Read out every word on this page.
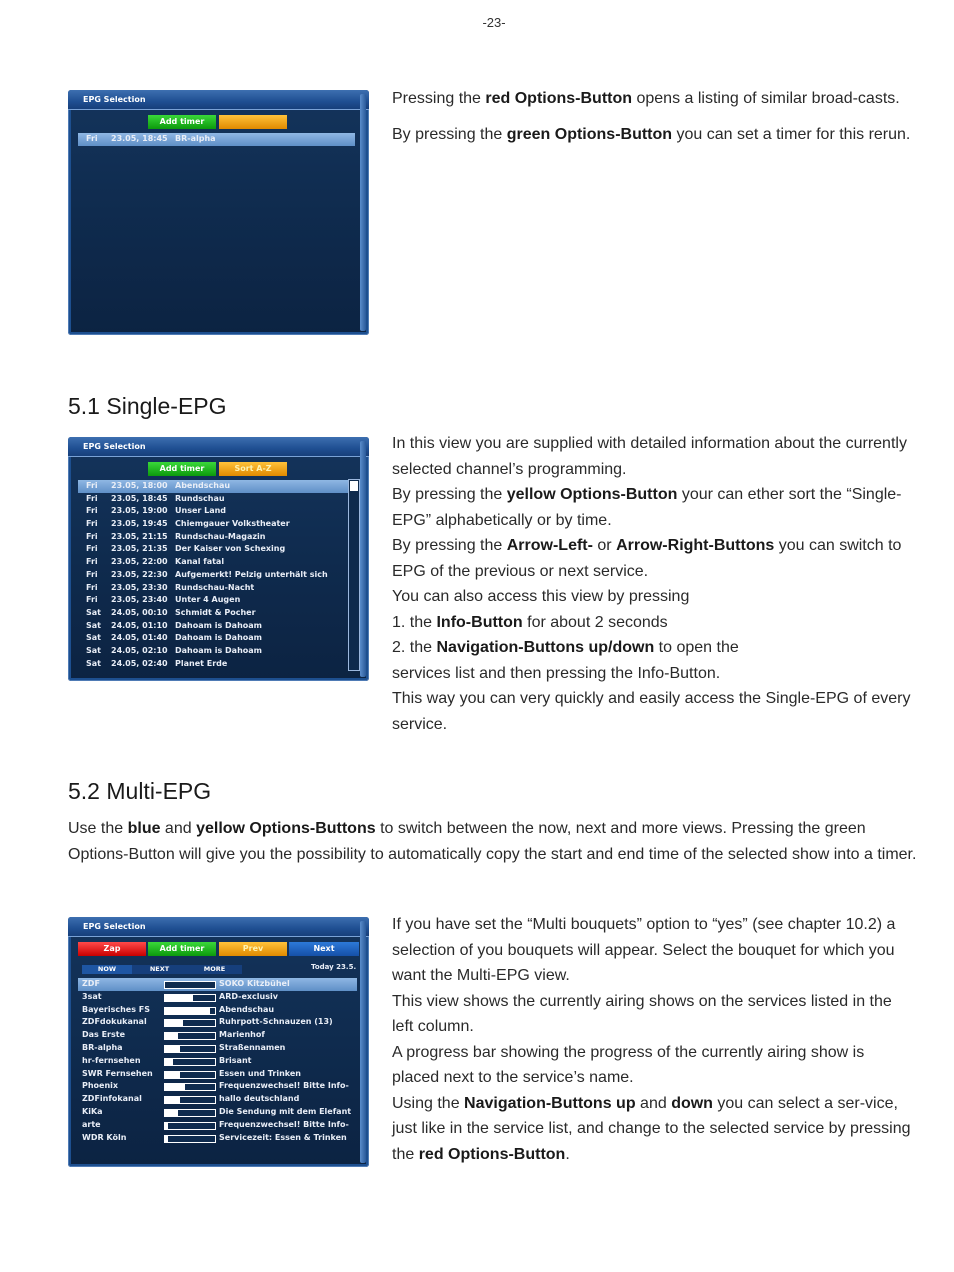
-23-
EPG Selection
Add timer
Fri 23.05, 18:45 BR-alpha

Pressing the red Options-Button opens a listing of similar broad-casts.

By pressing the green Options-Button you can set a timer for this rerun.

5.1 Single-EPG
EPG Selection
Add timer	Sort A-Z
Fri 23.05, 18:00 Abendschau
Fri 23.05, 18:45 Rundschau
Fri 23.05, 19:00 Unser Land
Fri 23.05, 19:45 Chiemgauer Volkstheater
Fri 23.05, 21:15 Rundschau-Magazin
Fri 23.05, 21:35 Der Kaiser von Schexing
Fri 23.05, 22:00 Kanal fatal
Fri 23.05, 22:30 Aufgemerkt! Pelzig unterhält sich
Fri 23.05, 23:30 Rundschau-Nacht
Fri 23.05, 23:40 Unter 4 Augen
Sat 24.05, 00:10 Schmidt & Pocher
Sat 24.05, 01:10 Dahoam is Dahoam
Sat 24.05, 01:40 Dahoam is Dahoam
Sat 24.05, 02:10 Dahoam is Dahoam
Sat 24.05, 02:40 Planet Erde

In this view you are supplied with detailed information about the currently selected channel’s programming.

By pressing the yellow Options-Button your can ether sort the “Single-EPG” alphabetically or by time.

By pressing the Arrow-Left- or Arrow-Right-Buttons you can switch to EPG of the previous or next service.

You can also access this view by pressing

1. the Info-Button for about 2 seconds

2. the Navigation-Buttons up/down to open the

services list and then pressing the Info-Button.

This way you can very quickly and easily access the Single-EPG of every service.

5.2 Multi-EPG

Use the blue and yellow Options-Buttons to switch between the now, next and more views. Pressing the green Options-Button will give you the possibility to automatically copy the start and end time of the selected show into a timer.

EPG Selection
Zap	Add timer	Prev	Next
NOW	NEXT	MORE	Today 23.5.
ZDF	SOKO Kitzbühel
3sat	ARD-exclusiv
Bayerisches FS	Abendschau
ZDFdokukanal	Ruhrpott-Schnauzen (13)
Das Erste	Marienhof
BR-alpha	Straßennamen
hr-fernsehen	Brisant
SWR Fernsehen	Essen und Trinken
Phoenix	Frequenzwechsel! Bitte Info-
ZDFinfokanal	hallo deutschland
KiKa	Die Sendung mit dem Elefant
arte	Frequenzwechsel! Bitte Info-
WDR Köln	Servicezeit: Essen & Trinken

If you have set the “Multi bouquets” option to “yes” (see chapter 10.2) a selection of you bouquets will appear. Select the bouquet for which you want the Multi-EPG view.

This view shows the currently airing shows on the services listed in the left column.

A progress bar showing the progress of the currently airing show is placed next to the service’s name.

Using the Navigation-Buttons up and down you can select a ser-vice, just like in the service list, and change to the selected service by pressing the red Options-Button.
